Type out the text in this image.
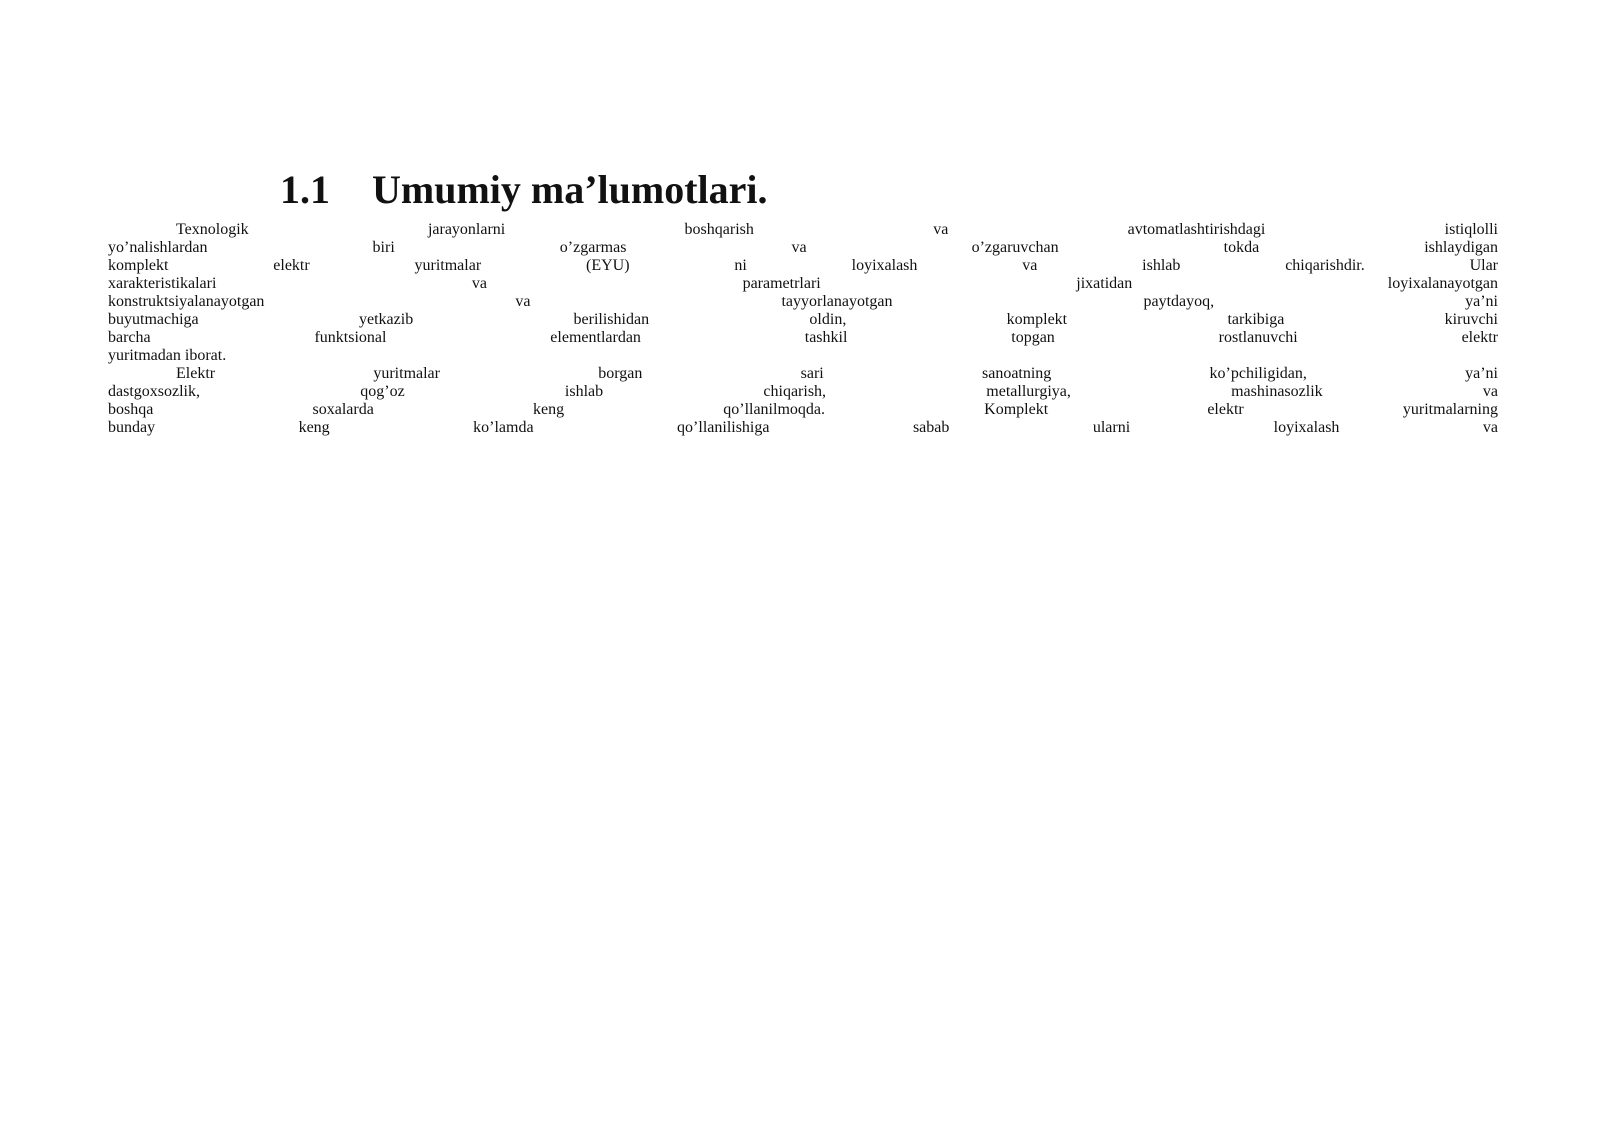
1.1 Umumiy ma’lumotlari.
Texnologik jarayonlarni boshqarish va avtomatlashtirishdagi istiqlolli
yo’nalishlardan biri o’zgarmas va o’zgaruvchan tokda ishlaydigan
komplekt elektr yuritmalar (EYU) ni loyixalash va ishlab chiqarishdir. Ular
xarakteristikalari va parametrlari jixatidan loyixalanayotgan
konstruktsiyalanayotgan va tayyorlanayotgan paytdayoq, ya’ni
buyutmachiga yetkazib berilishidan oldin, komplekt tarkibiga kiruvchi
barcha funktsional elementlardan tashkil topgan rostlanuvchi elektr
yuritmadan iborat.
Elektr yuritmalar borgan sari sanoatning ko’pchiligidan, ya’ni
dastgoxsozlik, qog’oz ishlab chiqarish, metallurgiya, mashinasozlik va
boshqa soxalarda keng qo’llanilmoqda. Komplekt elektr yuritmalarning
bunday keng ko’lamda qo’llanilishiga sabab ularni loyixalash va
